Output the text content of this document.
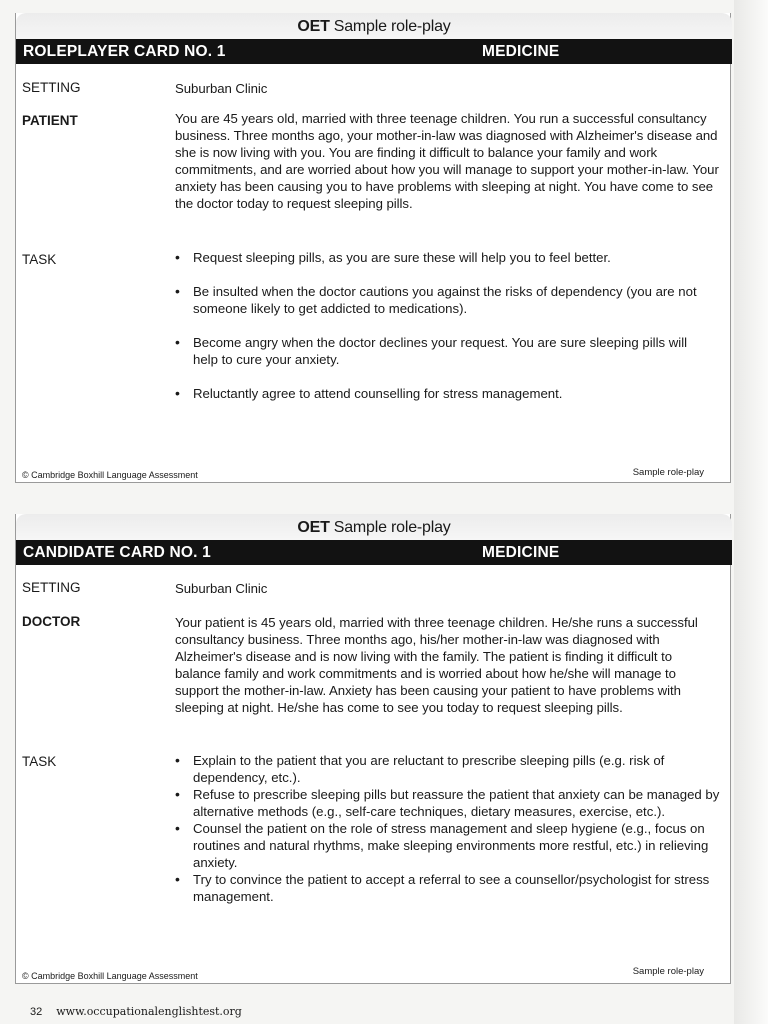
OET Sample role-play
ROLEPLAYER CARD NO. 1	MEDICINE
SETTING	Suburban Clinic
PATIENT	You are 45 years old, married with three teenage children. You run a successful consultancy business. Three months ago, your mother-in-law was diagnosed with Alzheimer's disease and she is now living with you. You are finding it difficult to balance your family and work commitments, and are worried about how you will manage to support your mother-in-law. Your anxiety has been causing you to have problems with sleeping at night. You have come to see the doctor today to request sleeping pills.
TASK	• Request sleeping pills, as you are sure these will help you to feel better.
• Be insulted when the doctor cautions you against the risks of dependency (you are not someone likely to get addicted to medications).
• Become angry when the doctor declines your request. You are sure sleeping pills will help to cure your anxiety.
• Reluctantly agree to attend counselling for stress management.
© Cambridge Boxhill Language Assessment	Sample role-play
OET Sample role-play
CANDIDATE CARD NO. 1	MEDICINE
SETTING	Suburban Clinic
DOCTOR	Your patient is 45 years old, married with three teenage children. He/she runs a successful consultancy business. Three months ago, his/her mother-in-law was diagnosed with Alzheimer's disease and is now living with the family. The patient is finding it difficult to balance family and work commitments and is worried about how he/she will manage to support the mother-in-law. Anxiety has been causing your patient to have problems with sleeping at night. He/she has come to see you today to request sleeping pills.
TASK	• Explain to the patient that you are reluctant to prescribe sleeping pills (e.g. risk of dependency, etc.).
• Refuse to prescribe sleeping pills but reassure the patient that anxiety can be managed by alternative methods (e.g., self-care techniques, dietary measures, exercise, etc.).
• Counsel the patient on the role of stress management and sleep hygiene (e.g., focus on routines and natural rhythms, make sleeping environments more restful, etc.) in relieving anxiety.
• Try to convince the patient to accept a referral to see a counsellor/psychologist for stress management.
© Cambridge Boxhill Language Assessment	Sample role-play
32 www.occupationalenglishtest.org
